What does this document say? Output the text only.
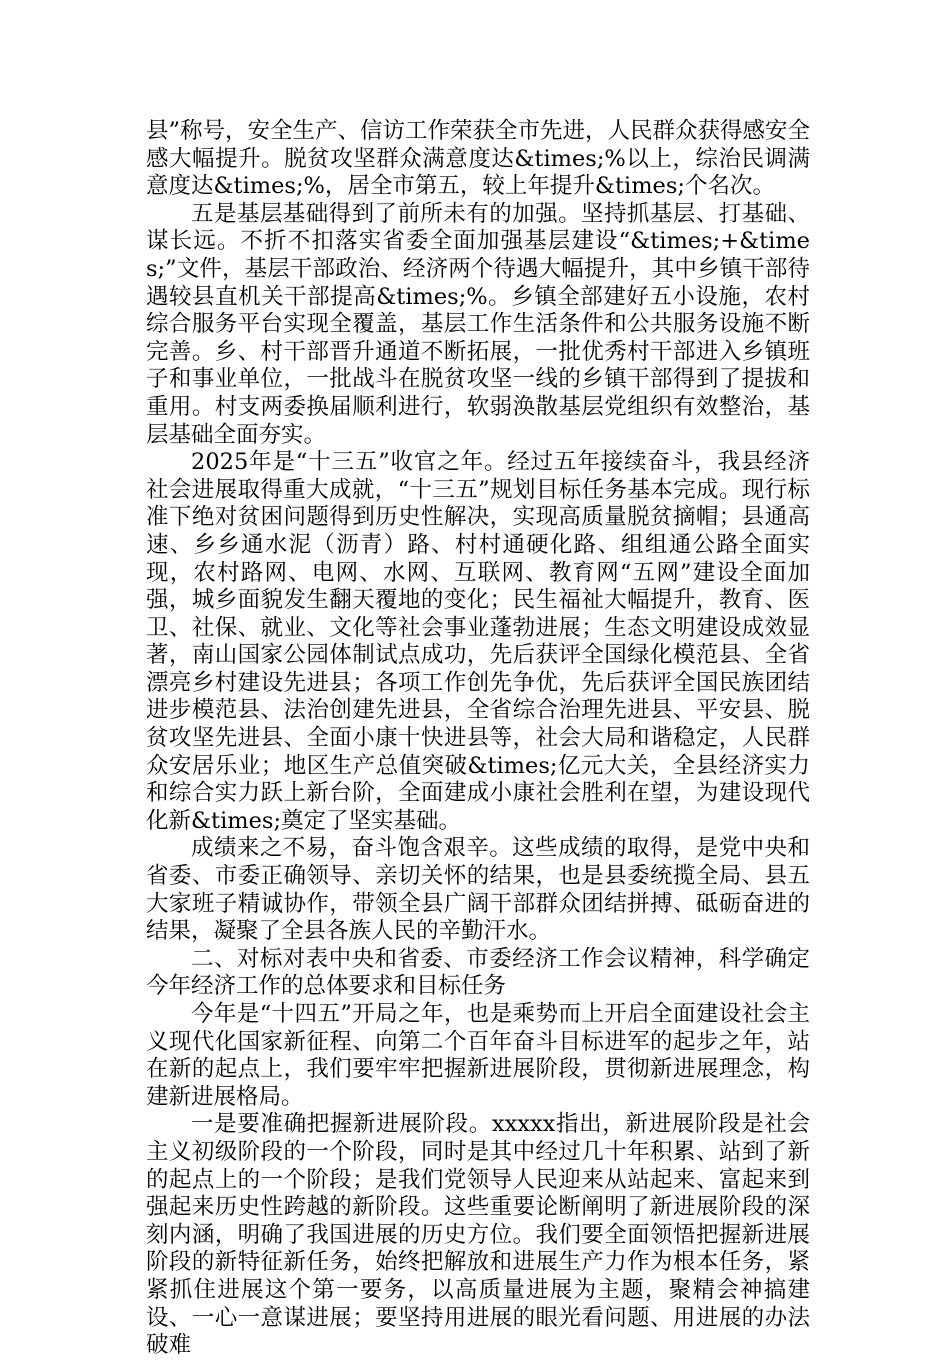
县”称号，安全生产、信访工作荣获全市先进，人民群众获得感安全感大幅提升。脱贫攻坚群众满意度达&times;%以上，综治民调满意度达&times;%，居全市第五，较上年提升&times;个名次。

五是基层基础得到了前所未有的加强。坚持抓基层、打基础、谋长远。不折不扣落实省委全面加强基层建设“&times;+&times;”文件，基层干部政治、经济两个待遇大幅提升，其中乡镇干部待遇较县直机关干部提高&times;%。乡镇全部建好五小设施，农村综合服务平台实现全覆盖，基层工作生活条件和公共服务设施不断完善。乡、村干部晋升通道不断拓展，一批优秀村干部进入乡镇班子和事业单位，一批战斗在脱贫攻坚一线的乡镇干部得到了提拔和重用。村支两委换届顺利进行，软弱涣散基层党组织有效整治，基层基础全面夯实。

2025年是“十三五”收官之年。经过五年接续奋斗，我县经济社会进展取得重大成就，“十三五”规划目标任务基本完成。现行标准下绝对贫困问题得到历史性解决，实现高质量脱贫摘帽；县通高速、乡乡通水泥（沥青）路、村村通硬化路、组组通公路全面实现，农村路网、电网、水网、互联网、教育网“五网”建设全面加强，城乡面貌发生翻天覆地的变化；民生福祉大幅提升，教育、医卫、社保、就业、文化等社会事业蓬勃进展；生态文明建设成效显著，南山国家公园体制试点成功，先后获评全国绿化模范县、全省漂亮乡村建设先进县；各项工作创先争优，先后获评全国民族团结进步模范县、法治创建先进县，全省综合治理先进县、平安县、脱贫攻坚先进县、全面小康十快进县等，社会大局和谐稳定，人民群众安居乐业；地区生产总值突破&times;亿元大关，全县经济实力和综合实力跃上新台阶，全面建成小康社会胜利在望，为建设现代化新&times;奠定了坚实基础。

成绩来之不易，奋斗饱含艰辛。这些成绩的取得，是党中央和省委、市委正确领导、亲切关怀的结果，也是县委统揽全局、县五大家班子精诚协作，带领全县广阔干部群众团结拼搏、砥砺奋进的结果，凝聚了全县各族人民的辛勤汗水。

二、对标对表中央和省委、市委经济工作会议精神，科学确定今年经济工作的总体要求和目标任务

今年是“十四五”开局之年，也是乘势而上开启全面建设社会主义现代化国家新征程、向第二个百年奋斗目标进军的起步之年，站在新的起点上，我们要牢牢把握新进展阶段，贯彻新进展理念，构建新进展格局。

一是要准确把握新进展阶段。xxxxx指出，新进展阶段是社会主义初级阶段的一个阶段，同时是其中经过几十年积累、站到了新的起点上的一个阶段；是我们党领导人民迎来从站起来、富起来到强起来历史性跨越的新阶段。这些重要论断阐明了新进展阶段的深刻内涵，明确了我国进展的历史方位。我们要全面领悟把握新进展阶段的新特征新任务，始终把解放和进展生产力作为根本任务，紧紧抓住进展这个第一要务，以高质量进展为主题，聚精会神搞建设、一心一意谋进展；要坚持用进展的眼光看问题、用进展的办法破难
